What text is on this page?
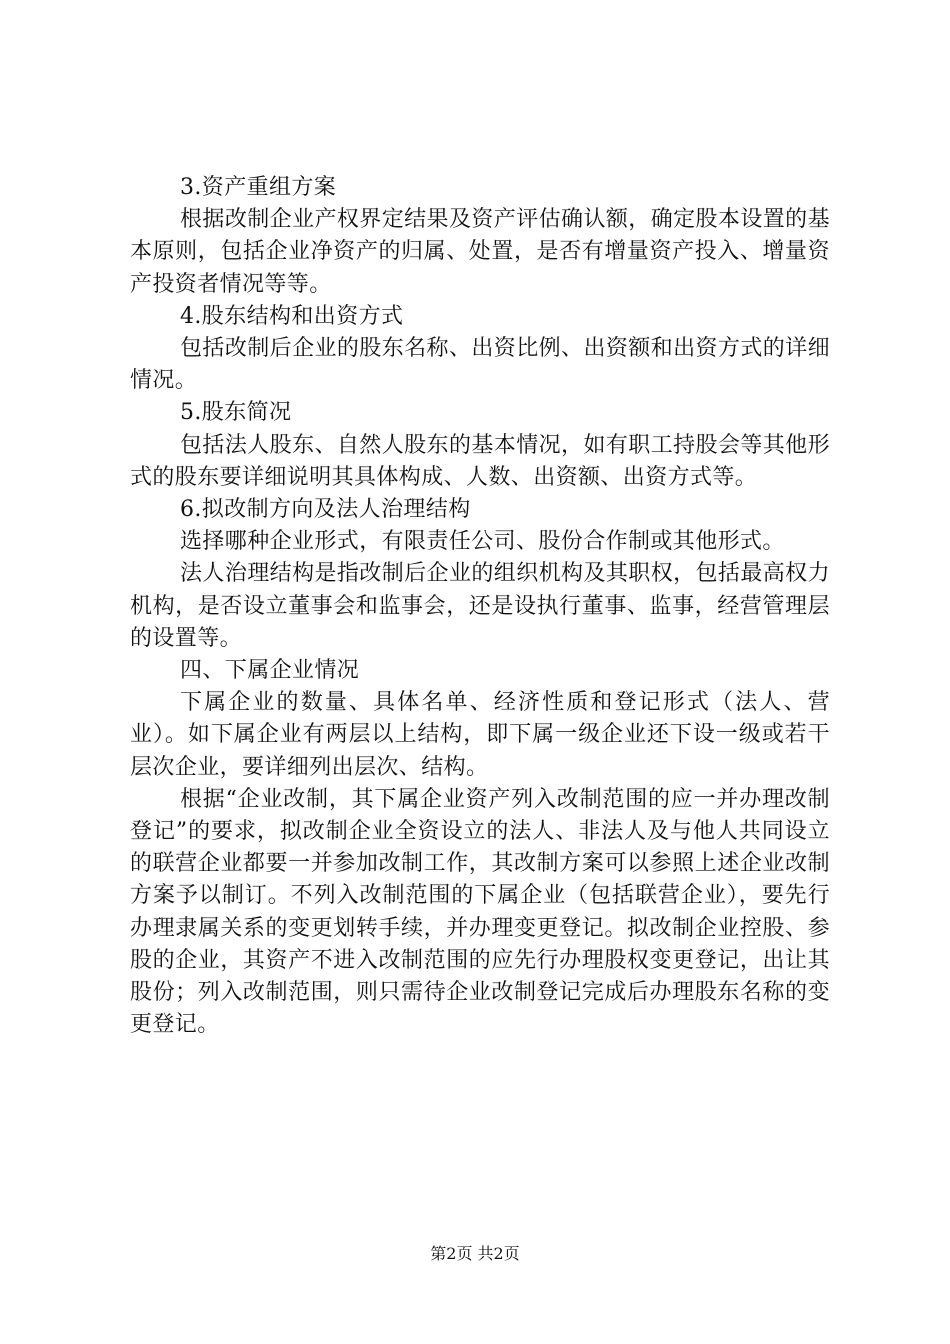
3.资产重组方案

根据改制企业产权界定结果及资产评估确认额，确定股本设置的基本原则，包括企业净资产的归属、处置，是否有增量资产投入、增量资产投资者情况等等。

4.股东结构和出资方式

包括改制后企业的股东名称、出资比例、出资额和出资方式的详细情况。

5.股东简况

包括法人股东、自然人股东的基本情况，如有职工持股会等其他形式的股东要详细说明其具体构成、人数、出资额、出资方式等。

6.拟改制方向及法人治理结构

选择哪种企业形式，有限责任公司、股份合作制或其他形式。

法人治理结构是指改制后企业的组织机构及其职权，包括最高权力机构，是否设立董事会和监事会，还是设执行董事、监事，经营管理层的设置等。

四、下属企业情况

下属企业的数量、具体名单、经济性质和登记形式（法人、营业）。如下属企业有两层以上结构，即下属一级企业还下设一级或若干层次企业，要详细列出层次、结构。

根据“企业改制，其下属企业资产列入改制范围的应一并办理改制登记”的要求，拟改制企业全资设立的法人、非法人及与他人共同设立的联营企业都要一并参加改制工作，其改制方案可以参照上述企业改制方案予以制订。不列入改制范围的下属企业（包括联营企业），要先行办理隶属关系的变更划转手续，并办理变更登记。拟改制企业控股、参股的企业，其资产不进入改制范围的应先行办理股权变更登记，出让其股份；列入改制范围，则只需待企业改制登记完成后办理股东名称的变更登记。

第2页 共2页
